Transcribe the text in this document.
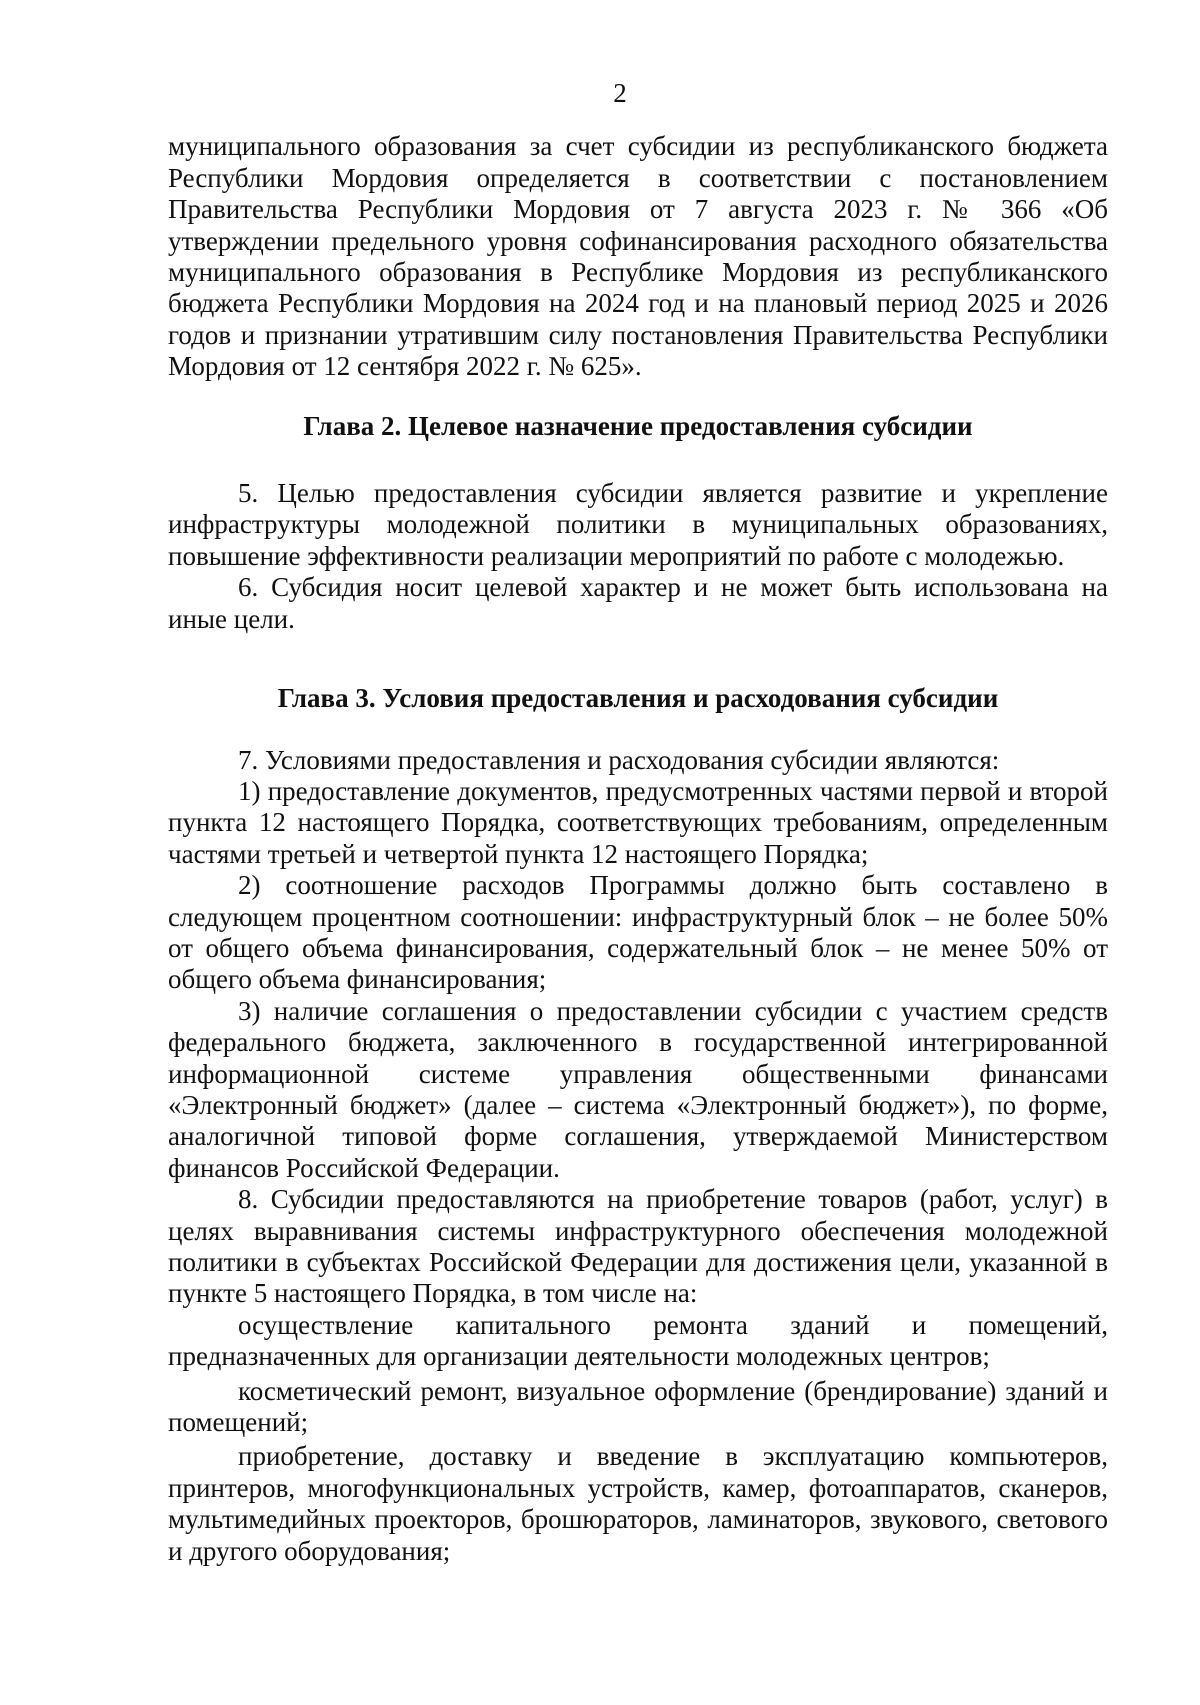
2

муниципального образования за счет субсидии из республиканского бюджета Республики Мордовия определяется в соответствии с постановлением Правительства Республики Мордовия от 7 августа 2023 г. № 366 «Об утверждении предельного уровня софинансирования расходного обязательства муниципального образования в Республике Мордовия из республиканского бюджета Республики Мордовия на 2024 год и на плановый период 2025 и 2026 годов и признании утратившим силу постановления Правительства Республики Мордовия от 12 сентября 2022 г. № 625».

Глава 2. Целевое назначение предоставления субсидии

5. Целью предоставления субсидии является развитие и укрепление инфраструктуры молодежной политики в муниципальных образованиях, повышение эффективности реализации мероприятий по работе с молодежью.

6. Субсидия носит целевой характер и не может быть использована на иные цели.

Глава 3. Условия предоставления и расходования субсидии

7. Условиями предоставления и расходования субсидии являются:

1) предоставление документов, предусмотренных частями первой и второй пункта 12 настоящего Порядка, соответствующих требованиям, определенным частями третьей и четвертой пункта 12 настоящего Порядка;

2) соотношение расходов Программы должно быть составлено в следующем процентном соотношении: инфраструктурный блок – не более 50% от общего объема финансирования, содержательный блок – не менее 50% от общего объема финансирования;

3) наличие соглашения о предоставлении субсидии с участием средств федерального бюджета, заключенного в государственной интегрированной информационной системе управления общественными финансами «Электронный бюджет» (далее – система «Электронный бюджет»), по форме, аналогичной типовой форме соглашения, утверждаемой Министерством финансов Российской Федерации.

8. Субсидии предоставляются на приобретение товаров (работ, услуг) в целях выравнивания системы инфраструктурного обеспечения молодежной политики в субъектах Российской Федерации для достижения цели, указанной в пункте 5 настоящего Порядка, в том числе на:

осуществление капитального ремонта зданий и помещений, предназначенных для организации деятельности молодежных центров;

косметический ремонт, визуальное оформление (брендирование) зданий и помещений;

приобретение, доставку и введение в эксплуатацию компьютеров, принтеров, многофункциональных устройств, камер, фотоаппаратов, сканеров, мультимедийных проекторов, брошюраторов, ламинаторов, звукового, светового и другого оборудования;
